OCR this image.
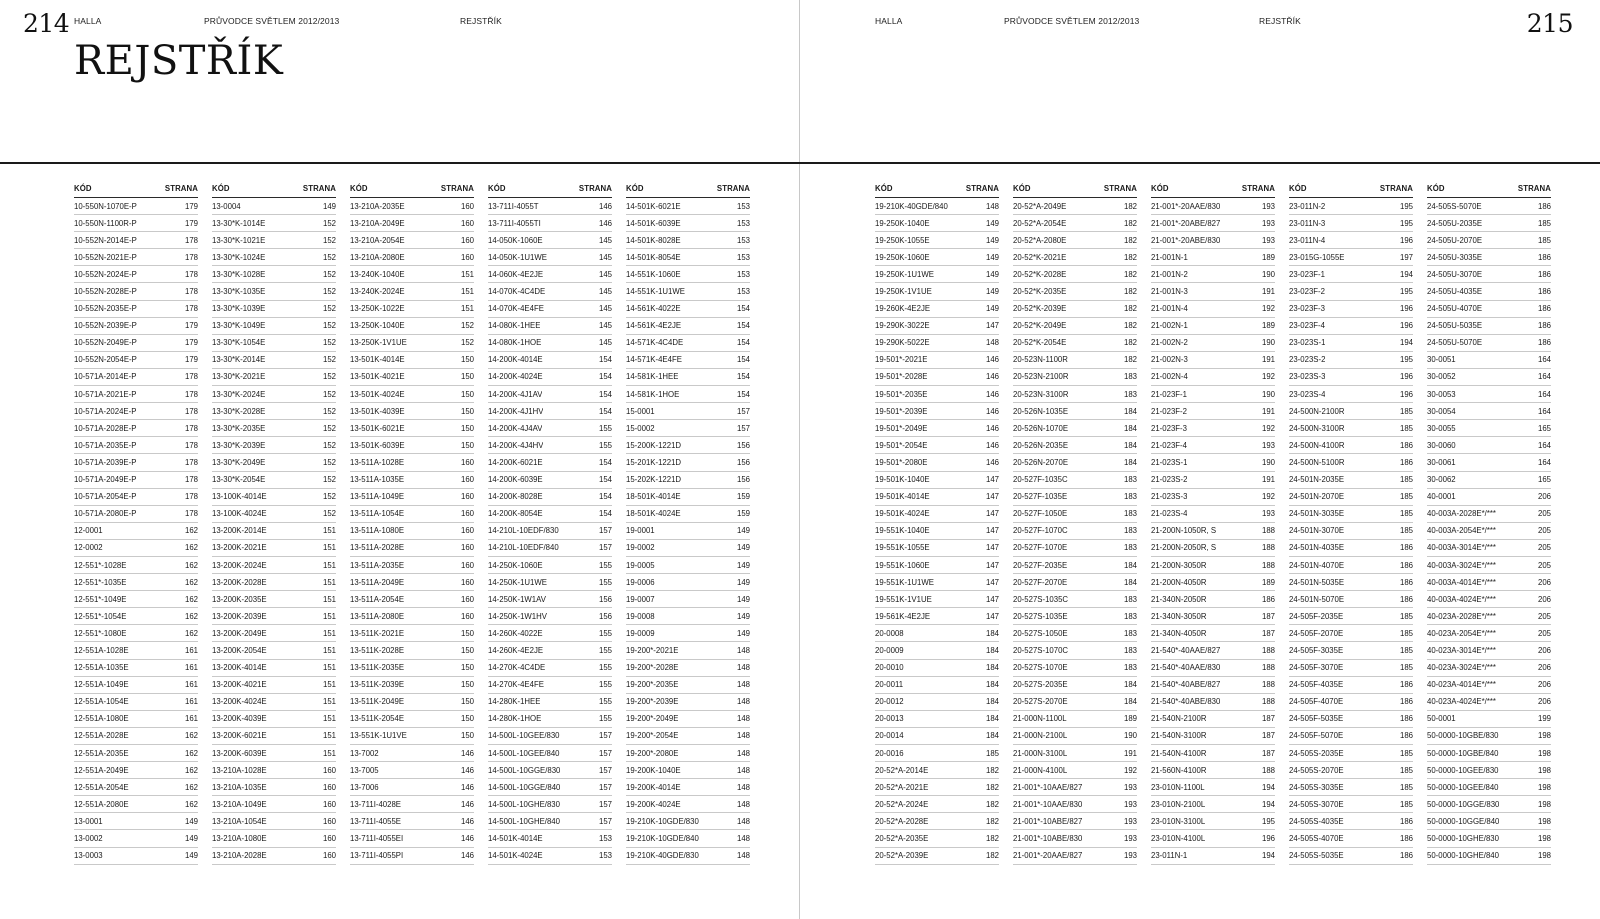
214 HALLA	PRŮVODCE SVĚTLEM 2012/2013	REJSTŘÍK
REJSTŘÍK
KÓD	STRANA
10-550N-1070E-P	179
10-550N-1100R-P	179
10-552N-2014E-P	178
10-552N-2021E-P	178
10-552N-2024E-P	178
10-552N-2028E-P	178
10-552N-2035E-P	178
10-552N-2039E-P	179
10-552N-2049E-P	179
10-552N-2054E-P	179
10-571A-2014E-P	178
10-571A-2021E-P	178
10-571A-2024E-P	178
10-571A-2028E-P	178
10-571A-2035E-P	178
10-571A-2039E-P	178
10-571A-2049E-P	178
10-571A-2054E-P	178
10-571A-2080E-P	178
12-0001	162
12-0002	162
12-551*-1028E	162
12-551*-1035E	162
12-551*-1049E	162
12-551*-1054E	162
12-551*-1080E	162
12-551A-1028E	161
12-551A-1035E	161
12-551A-1049E	161
12-551A-1054E	161
12-551A-1080E	161
12-551A-2028E	162
12-551A-2035E	162
12-551A-2049E	162
12-551A-2054E	162
12-551A-2080E	162
13-0001	149
13-0002	149
13-0003	149
KÓD	STRANA
13-0004	149
13-30*K-1014E	152
13-30*K-1021E	152
13-30*K-1024E	152
13-30*K-1028E	152
13-30*K-1035E	152
13-30*K-1039E	152
13-30*K-1049E	152
13-30*K-1054E	152
13-30*K-2014E	152
13-30*K-2021E	152
13-30*K-2024E	152
13-30*K-2028E	152
13-30*K-2035E	152
13-30*K-2039E	152
13-30*K-2049E	152
13-30*K-2054E	152
13-100K-4014E	152
13-100K-4024E	152
13-200K-2014E	151
13-200K-2021E	151
13-200K-2024E	151
13-200K-2028E	151
13-200K-2035E	151
13-200K-2039E	151
13-200K-2049E	151
13-200K-2054E	151
13-200K-4014E	151
13-200K-4021E	151
13-200K-4024E	151
13-200K-4039E	151
13-200K-6021E	151
13-200K-6039E	151
13-210A-1028E	160
13-210A-1035E	160
13-210A-1049E	160
13-210A-1054E	160
13-210A-1080E	160
13-210A-2028E	160
KÓD	STRANA
13-210A-2035E	160
13-210A-2049E	160
13-210A-2054E	160
13-210A-2080E	160
13-240K-1040E	151
13-240K-2024E	151
13-250K-1022E	151
13-250K-1040E	152
13-250K-1V1UE	152
13-501K-4014E	150
13-501K-4021E	150
13-501K-4024E	150
13-501K-4039E	150
13-501K-6021E	150
13-501K-6039E	150
13-511A-1028E	160
13-511A-1035E	160
13-511A-1049E	160
13-511A-1054E	160
13-511A-1080E	160
13-511A-2028E	160
13-511A-2035E	160
13-511A-2049E	160
13-511A-2054E	160
13-511A-2080E	160
13-511K-2021E	150
13-511K-2028E	150
13-511K-2035E	150
13-511K-2039E	150
13-511K-2049E	150
13-511K-2054E	150
13-551K-1U1VE	150
13-7002	146
13-7005	146
13-7006	146
13-711I-4028E	146
13-711I-4055E	146
13-711I-4055EI	146
13-711I-4055PI	146
KÓD	STRANA
13-711I-4055T	146
13-711I-4055TI	146
14-050K-1060E	145
14-050K-1U1WE	145
14-060K-4E2JE	145
14-070K-4C4DE	145
14-070K-4E4FE	145
14-080K-1HEE	145
14-080K-1HOE	145
14-200K-4014E	154
14-200K-4024E	154
14-200K-4J1AV	154
14-200K-4J1HV	154
14-200K-4J4AV	155
14-200K-4J4HV	155
14-200K-6021E	154
14-200K-6039E	154
14-200K-8028E	154
14-200K-8054E	154
14-210L-10EDF/830	157
14-210L-10EDF/840	157
14-250K-1060E	155
14-250K-1U1WE	155
14-250K-1W1AV	156
14-250K-1W1HV	156
14-260K-4022E	155
14-260K-4E2JE	155
14-270K-4C4DE	155
14-270K-4E4FE	155
14-280K-1HEE	155
14-280K-1HOE	155
14-500L-10GEE/830	157
14-500L-10GEE/840	157
14-500L-10GGE/830	157
14-500L-10GGE/840	157
14-500L-10GHE/830	157
14-500L-10GHE/840	157
14-501K-4014E	153
14-501K-4024E	153
KÓD	STRANA
14-501K-6021E	153
14-501K-6039E	153
14-501K-8028E	153
14-501K-8054E	153
14-551K-1060E	153
14-551K-1U1WE	153
14-561K-4022E	154
14-561K-4E2JE	154
14-571K-4C4DE	154
14-571K-4E4FE	154
14-581K-1HEE	154
14-581K-1HOE	154
15-0001	157
15-0002	157
15-200K-1221D	156
15-201K-1221D	156
15-202K-1221D	156
18-501K-4014E	159
18-501K-4024E	159
19-0001	149
19-0002	149
19-0005	149
19-0006	149
19-0007	149
19-0008	149
19-0009	149
19-200*-2021E	148
19-200*-2028E	148
19-200*-2035E	148
19-200*-2039E	148
19-200*-2049E	148
19-200*-2054E	148
19-200*-2080E	148
19-200K-1040E	148
19-200K-4014E	148
19-200K-4024E	148
19-210K-10GDE/830	148
19-210K-10GDE/840	148
19-210K-40GDE/830	148
215
HALLA	PRŮVODCE SVĚTLEM 2012/2013	REJSTŘÍK
KÓD	STRANA
19-210K-40GDE/840	148
19-250K-1040E	149
19-250K-1055E	149
19-250K-1060E	149
19-250K-1U1WE	149
19-250K-1V1UE	149
19-260K-4E2JE	149
19-290K-3022E	147
19-290K-5022E	148
19-501*-2021E	146
19-501*-2028E	146
19-501*-2035E	146
19-501*-2039E	146
19-501*-2049E	146
19-501*-2054E	146
19-501*-2080E	146
19-501K-1040E	147
19-501K-4014E	147
19-501K-4024E	147
19-551K-1040E	147
19-551K-1055E	147
19-551K-1060E	147
19-551K-1U1WE	147
19-551K-1V1UE	147
19-561K-4E2JE	147
20-0008	184
20-0009	184
20-0010	184
20-0011	184
20-0012	184
20-0013	184
20-0014	184
20-0016	185
20-52*A-2014E	182
20-52*A-2021E	182
20-52*A-2024E	182
20-52*A-2028E	182
20-52*A-2035E	182
20-52*A-2039E	182
KÓD	STRANA
20-52*A-2049E	182
20-52*A-2054E	182
20-52*A-2080E	182
20-52*K-2021E	182
20-52*K-2028E	182
20-52*K-2035E	182
20-52*K-2039E	182
20-52*K-2049E	182
20-52*K-2054E	182
20-523N-1100R	182
20-523N-2100R	183
20-523N-3100R	183
20-526N-1035E	184
20-526N-1070E	184
20-526N-2035E	184
20-526N-2070E	184
20-527F-1035C	183
20-527F-1035E	183
20-527F-1050E	183
20-527F-1070C	183
20-527F-1070E	183
20-527F-2035E	184
20-527F-2070E	184
20-527S-1035C	183
20-527S-1035E	183
20-527S-1050E	183
20-527S-1070C	183
20-527S-1070E	183
20-527S-2035E	184
20-527S-2070E	184
21-000N-1100L	189
21-000N-2100L	190
21-000N-3100L	191
21-000N-4100L	192
21-001*-10AAE/827	193
21-001*-10AAE/830	193
21-001*-10ABE/827	193
21-001*-10ABE/830	193
21-001*-20AAE/827	193
KÓD	STRANA
21-001*-20AAE/830	193
21-001*-20ABE/827	193
21-001*-20ABE/830	193
21-001N-1	189
21-001N-2	190
21-001N-3	191
21-001N-4	192
21-002N-1	189
21-002N-2	190
21-002N-3	191
21-002N-4	192
21-023F-1	190
21-023F-2	191
21-023F-3	192
21-023F-4	193
21-023S-1	190
21-023S-2	191
21-023S-3	192
21-023S-4	193
21-200N-1050R, S	188
21-200N-2050R, S	188
21-200N-3050R	188
21-200N-4050R	189
21-340N-2050R	186
21-340N-3050R	187
21-340N-4050R	187
21-540*-40AAE/827	188
21-540*-40AAE/830	188
21-540*-40ABE/827	188
21-540*-40ABE/830	188
21-540N-2100R	187
21-540N-3100R	187
21-540N-4100R	187
21-560N-4100R	188
23-010N-1100L	194
23-010N-2100L	194
23-010N-3100L	195
23-010N-4100L	196
23-011N-1	194
KÓD	STRANA
23-011N-2	195
23-011N-3	195
23-011N-4	196
23-015G-1055E	197
23-023F-1	194
23-023F-2	195
23-023F-3	196
23-023F-4	196
23-023S-1	194
23-023S-2	195
23-023S-3	196
23-023S-4	196
24-500N-2100R	185
24-500N-3100R	185
24-500N-4100R	186
24-500N-5100R	186
24-501N-2035E	185
24-501N-2070E	185
24-501N-3035E	185
24-501N-3070E	185
24-501N-4035E	186
24-501N-4070E	186
24-501N-5035E	186
24-501N-5070E	186
24-505F-2035E	185
24-505F-2070E	185
24-505F-3035E	185
24-505F-3070E	185
24-505F-4035E	186
24-505F-4070E	186
24-505F-5035E	186
24-505F-5070E	186
24-505S-2035E	185
24-505S-2070E	185
24-505S-3035E	185
24-505S-3070E	185
24-505S-4035E	186
24-505S-4070E	186
24-505S-5035E	186
KÓD	STRANA
24-505S-5070E	186
24-505U-2035E	185
24-505U-2070E	185
24-505U-3035E	186
24-505U-3070E	186
24-505U-4035E	186
24-505U-4070E	186
24-505U-5035E	186
24-505U-5070E	186
30-0051	164
30-0052	164
30-0053	164
30-0054	164
30-0055	165
30-0060	164
30-0061	164
30-0062	165
40-0001	206
40-003A-2028E*/***	205
40-003A-2054E*/***	205
40-003A-3014E*/***	205
40-003A-3024E*/***	205
40-003A-4014E*/***	206
40-003A-4024E*/***	206
40-023A-2028E*/***	205
40-023A-2054E*/***	205
40-023A-3014E*/***	206
40-023A-3024E*/***	206
40-023A-4014E*/***	206
40-023A-4024E*/***	206
50-0001	199
50-0000-10GBE/830	198
50-0000-10GBE/840	198
50-0000-10GEE/830	198
50-0000-10GEE/840	198
50-0000-10GGE/830	198
50-0000-10GGE/840	198
50-0000-10GHE/830	198
50-0000-10GHE/840	198
